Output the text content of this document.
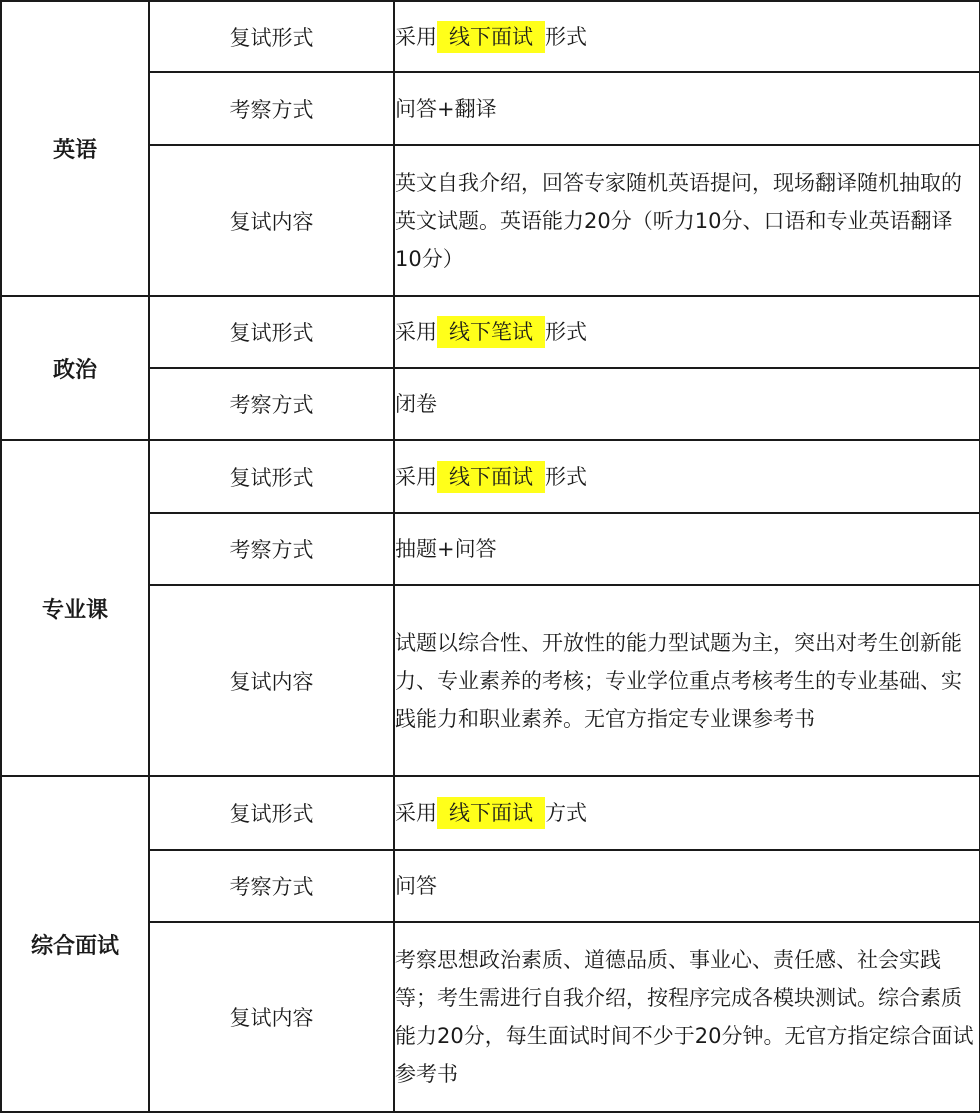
英语	复试形式	采用 线下面试 形式
	考察方式	问答+翻译
	复试内容	英文自我介绍，回答专家随机英语提问，现场翻译随机抽取的英文试题。英语能力20分（听力10分、口语和专业英语翻译10分）
政治	复试形式	采用 线下笔试 形式
	考察方式	闭卷
专业课	复试形式	采用 线下面试 形式
	考察方式	抽题+问答
	复试内容	试题以综合性、开放性的能力型试题为主，突出对考生创新能力、专业素养的考核；专业学位重点考核考生的专业基础、实践能力和职业素养。无官方指定专业课参考书
综合面试	复试形式	采用 线下面试 方式
	考察方式	问答
	复试内容	考察思想政治素质、道德品质、事业心、责任感、社会实践等；考生需进行自我介绍，按程序完成各模块测试。综合素质能力20分，每生面试时间不少于20分钟。无官方指定综合面试参考书
